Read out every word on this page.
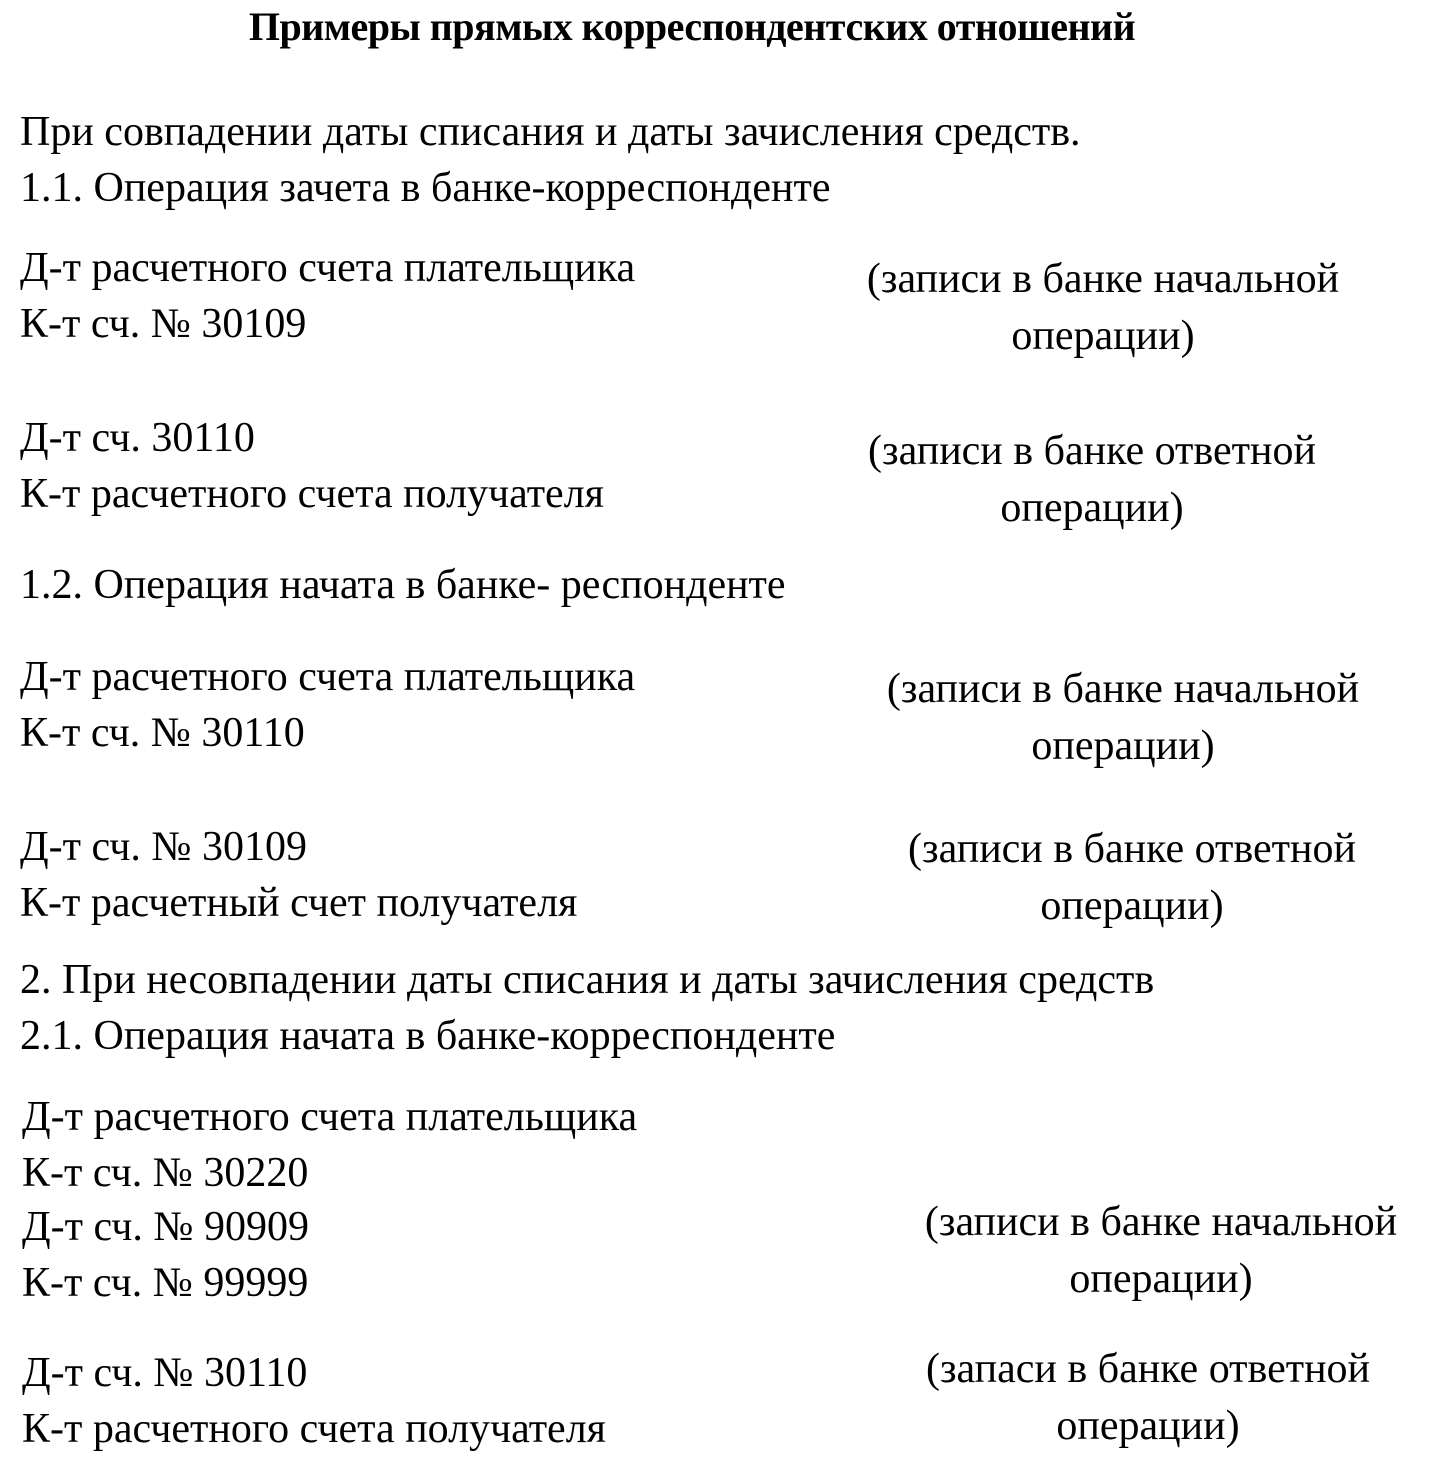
Примеры прямых корреспондентских отношений
При совпадении даты списания и даты зачисления средств.
1.1. Операция зачета в банке-корреспонденте
Д-т расчетного счета плательщика
К-т сч. № 30109
(записи в банке начальной
операции)
Д-т сч. 30110
К-т расчетного счета получателя
(записи в банке ответной
операции)
1.2. Операция начата в банке- респонденте
Д-т расчетного счета плательщика
К-т сч. № 30110
(записи в банке начальной
операции)
Д-т сч. № 30109
К-т расчетный счет получателя
(записи в банке ответной
операции)
2. При несовпадении даты списания и даты зачисления средств
2.1. Операция начата в банке-корреспонденте
Д-т расчетного счета плательщика
К-т сч. № 30220
Д-т сч. № 90909
К-т сч. № 99999
(записи в банке начальной
операции)
Д-т сч. № 30110
К-т расчетного счета получателя
(запаси в банке ответной
операции)
